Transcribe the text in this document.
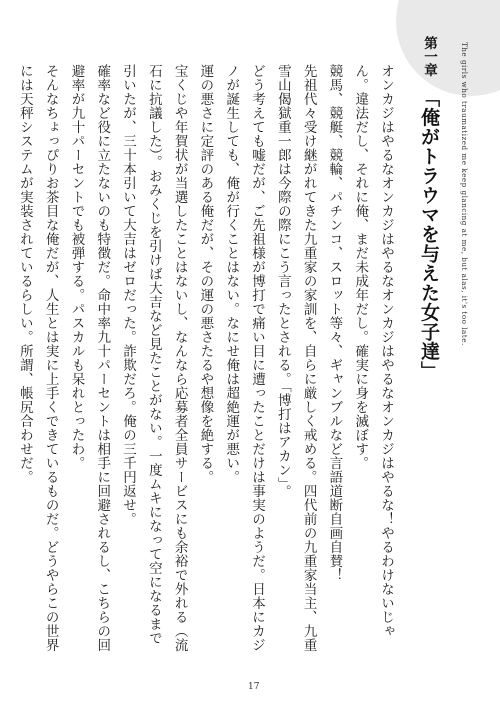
The girls who traumatized me keep glancing at me, but alas, it's too late.
第一章 「俺がトラウマを与えた女子達」

オンカジはやるなオンカジはやるなオンカジはやるなオンカジはやるな！やるわけないじゃん。違法だし、それに俺、まだ未成年だし。確実に身を滅ぼす。

競馬、競艇、競輪、パチンコ、スロット等々、ギャンブルなど言語道断自画自賛！

先祖代々受け継がれてきた九重家の家訓を、自らに厳しく戒める。四代前の九重家当主、九重雪山偈獄重一郎は今際の際にこう言ったとされる。「博打はアカン」。

どう考えても嘘だが、ご先祖様が博打で痛い目に遭ったことだけは事実のようだ。日本にカジノが誕生しても、俺が行くことはない。なにせ俺は超絶運が悪い。

運の悪さに定評のある俺だが、その運の悪さたるや想像を絶する。

宝くじや年賀状が当選したことはないし、なんなら応募者全員サービスにも余裕で外れる（流石に抗議した）。おみくじを引けば大吉など見たことがない。一度ムキになって空になるまで引いたが、三十本引いて大吉はゼロだった。詐欺だろ。俺の三千円返せ。

確率など役に立たないのも特徴だ。命中率九十パーセントは相手に回避されるし、こちらの回避率が九十パーセントでも被弾する。パスカルも呆れとったわ。

そんなちょっぴりお茶目な俺だが、人生とは実に上手くできているものだ。どうやらこの世界には天秤システムが実装されているらしい。所謂、帳尻合わせだ。

17
